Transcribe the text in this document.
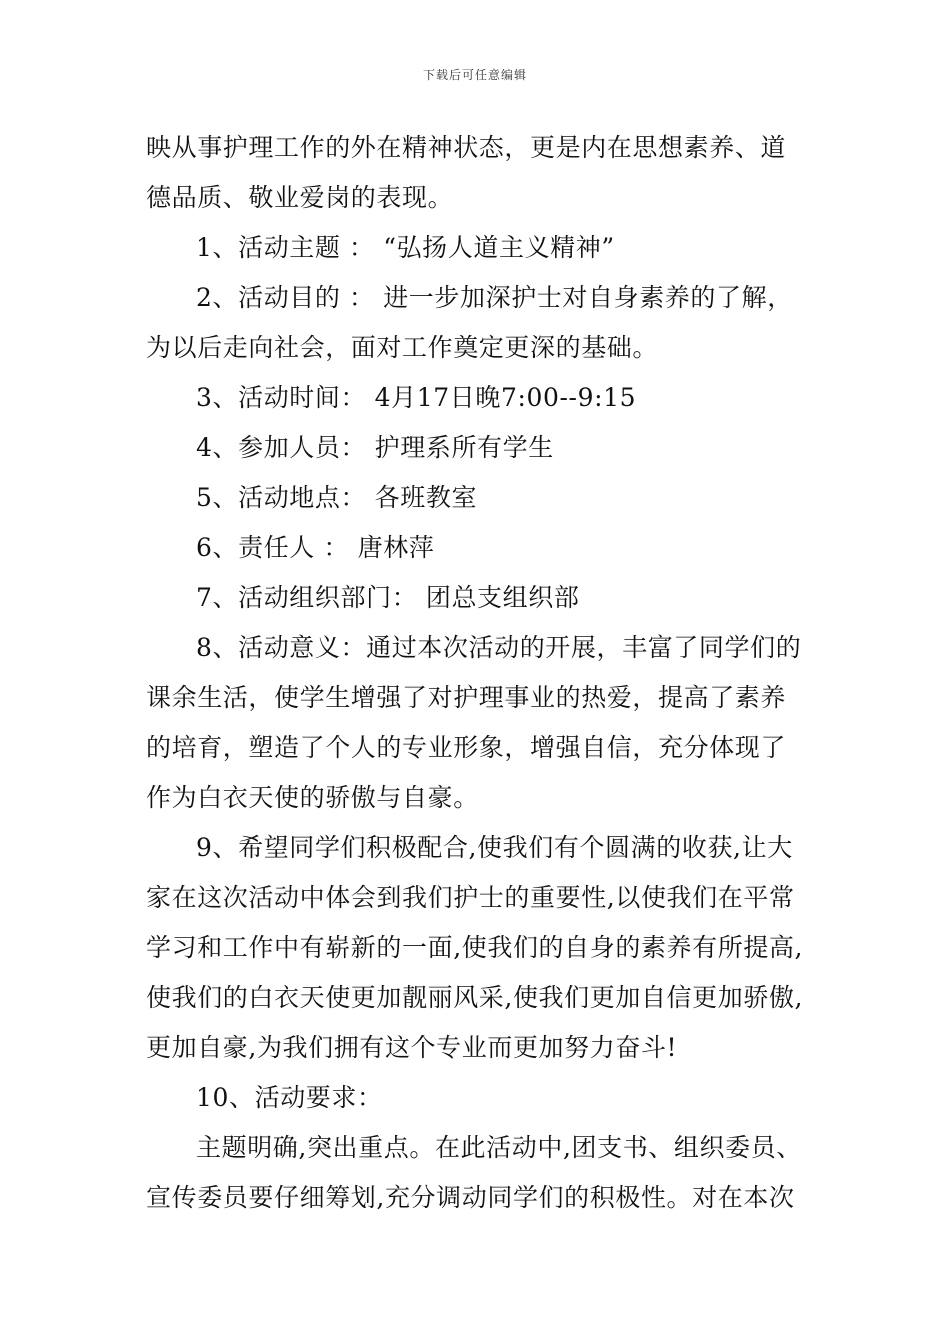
下载后可任意编辑
映从事护理工作的外在精神状态，更是内在思想素养、道
德品质、敬业爱岗的表现。
1、活动主题 ： “弘扬人道主义精神”
2、活动目的 ： 进一步加深护士对自身素养的了解，
为以后走向社会，面对工作奠定更深的基础。
3、活动时间： 4月17日晚7:00--9:15
4、参加人员： 护理系所有学生
5、活动地点： 各班教室
6、责任人 ： 唐林萍
7、活动组织部门： 团总支组织部
8、活动意义：通过本次活动的开展，丰富了同学们的
课余生活，使学生增强了对护理事业的热爱，提高了素养
的培育，塑造了个人的专业形象，增强自信，充分体现了
作为白衣天使的骄傲与自豪。
9、希望同学们积极配合,使我们有个圆满的收获,让大
家在这次活动中体会到我们护士的重要性,以使我们在平常
学习和工作中有崭新的一面,使我们的自身的素养有所提高,
使我们的白衣天使更加靓丽风采,使我们更加自信更加骄傲,
更加自豪,为我们拥有这个专业而更加努力奋斗!
10、活动要求：
主题明确,突出重点。在此活动中,团支书、组织委员、
宣传委员要仔细筹划,充分调动同学们的积极性。对在本次
